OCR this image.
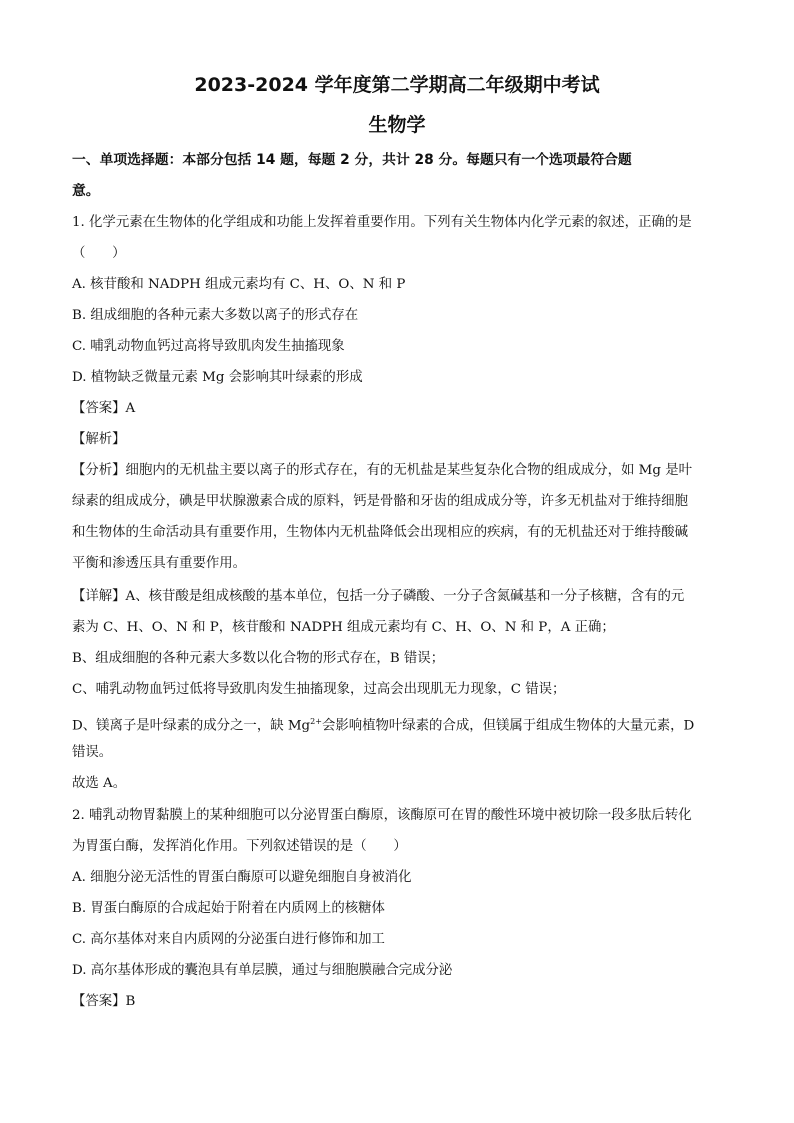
2023-2024 学年度第二学期高二年级期中考试
生物学
一、单项选择题：本部分包括 14 题，每题 2 分，共计 28 分。每题只有一个选项最符合题
意。
1. 化学元素在生物体的化学组成和功能上发挥着重要作用。下列有关生物体内化学元素的叙述，正确的是
（　　）
A. 核苷酸和 NADPH 组成元素均有 C、H、O、N 和 P
B. 组成细胞的各种元素大多数以离子的形式存在
C. 哺乳动物血钙过高将导致肌肉发生抽搐现象
D. 植物缺乏微量元素 Mg 会影响其叶绿素的形成
【答案】A
【解析】
【分析】细胞内的无机盐主要以离子的形式存在，有的无机盐是某些复杂化合物的组成成分，如 Mg 是叶
绿素的组成成分，碘是甲状腺激素合成的原料，钙是骨骼和牙齿的组成成分等，许多无机盐对于维持细胞
和生物体的生命活动具有重要作用，生物体内无机盐降低会出现相应的疾病，有的无机盐还对于维持酸碱
平衡和渗透压具有重要作用。
【详解】A、核苷酸是组成核酸的基本单位，包括一分子磷酸、一分子含氮碱基和一分子核糖，含有的元
素为 C、H、O、N 和 P，核苷酸和 NADPH 组成元素均有 C、H、O、N 和 P，A 正确；
B、组成细胞的各种元素大多数以化合物的形式存在，B 错误；
C、哺乳动物血钙过低将导致肌肉发生抽搐现象，过高会出现肌无力现象，C 错误；
D、镁离子是叶绿素的成分之一，缺 $Mg^{2+}$会影响植物叶绿素的合成，但镁属于组成生物体的大量元素，D
错误。
故选 A。
2. 哺乳动物胃黏膜上的某种细胞可以分泌胃蛋白酶原，该酶原可在胃的酸性环境中被切除一段多肽后转化
为胃蛋白酶，发挥消化作用。下列叙述错误的是（　　）
A. 细胞分泌无活性的胃蛋白酶原可以避免细胞自身被消化
B. 胃蛋白酶原的合成起始于附着在内质网上的核糖体
C. 高尔基体对来自内质网的分泌蛋白进行修饰和加工
D. 高尔基体形成的囊泡具有单层膜，通过与细胞膜融合完成分泌
【答案】B
